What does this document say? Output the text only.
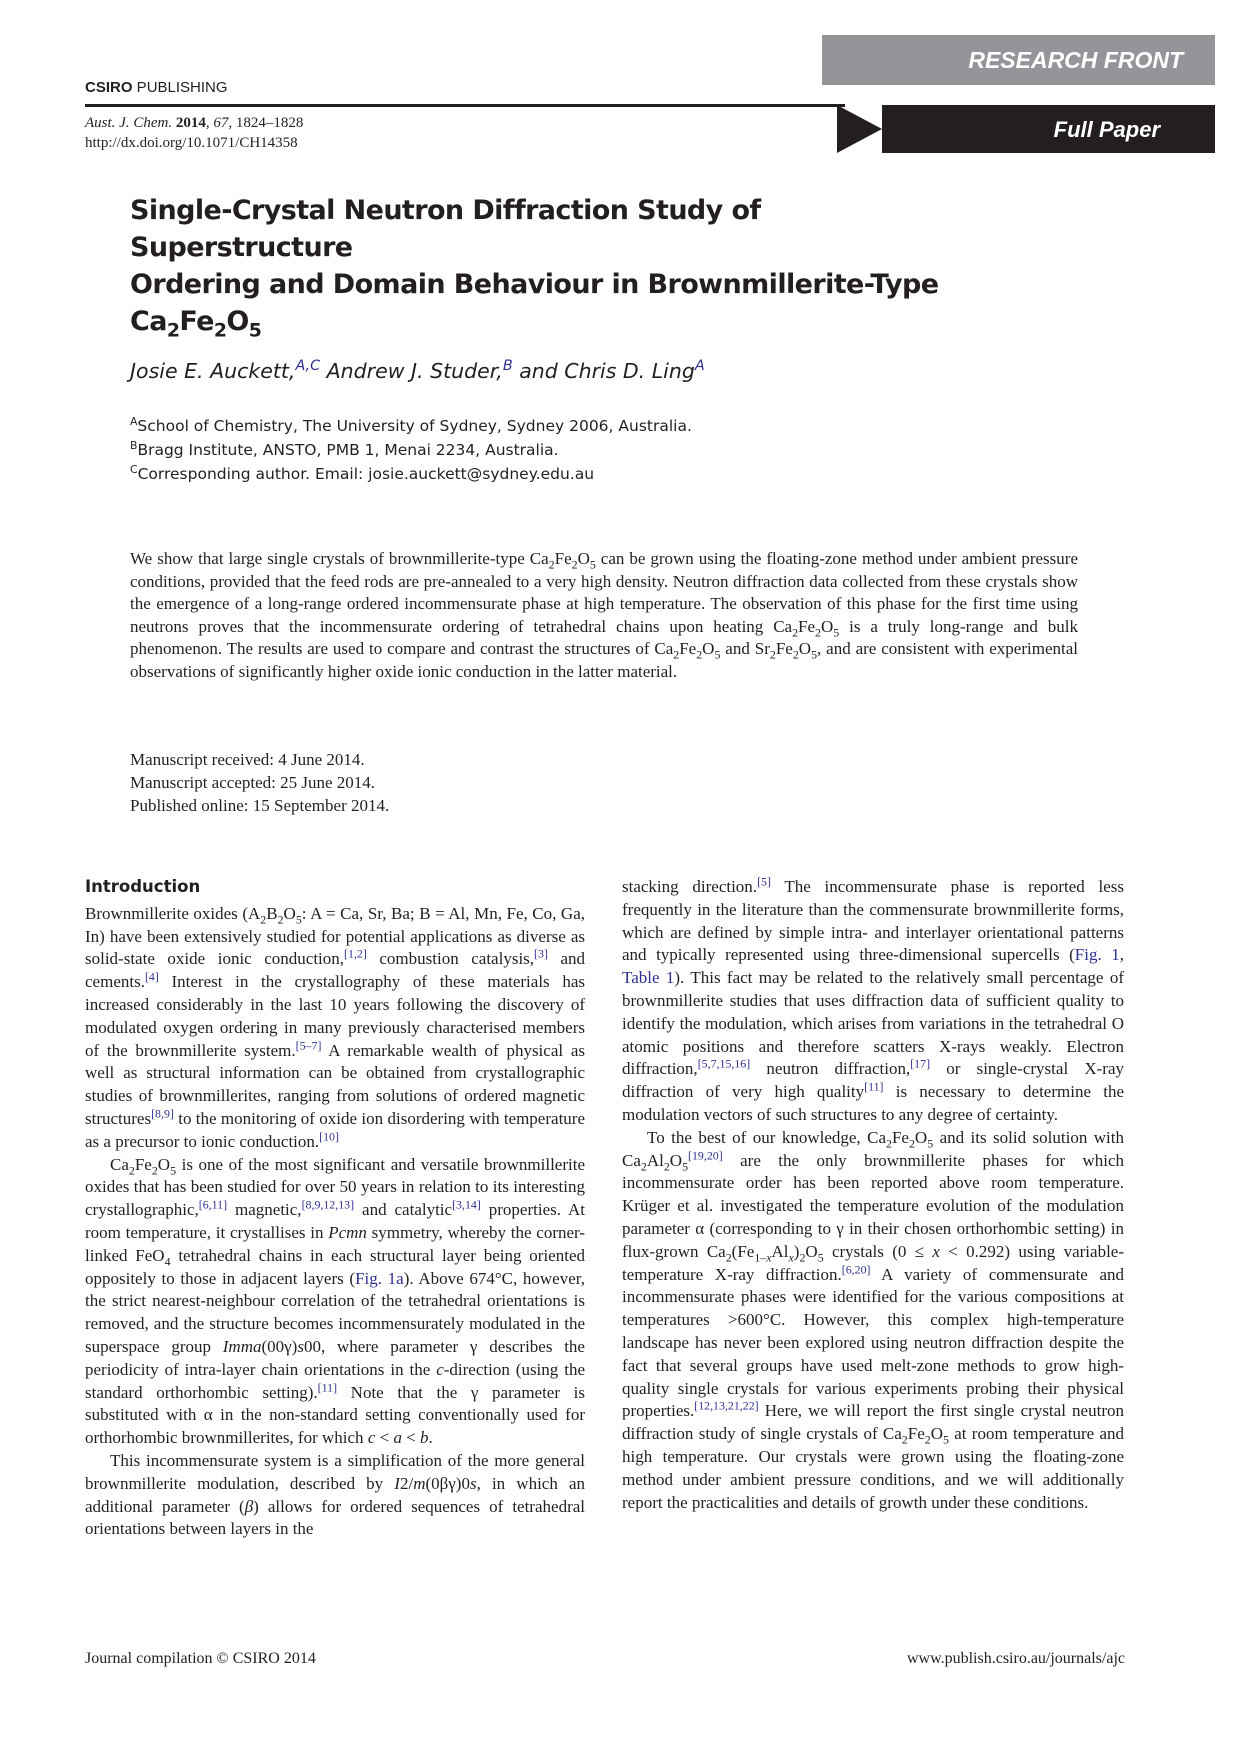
RESEARCH FRONT
Full Paper
CSIRO PUBLISHING
Aust. J. Chem. 2014, 67, 1824–1828
http://dx.doi.org/10.1071/CH14358
Single-Crystal Neutron Diffraction Study of Superstructure
Ordering and Domain Behaviour in Brownmillerite-Type
$Ca_2Fe_2O_5$
Josie E. Auckett,$^{A,C}$ Andrew J. Studer,$^B$ and Chris D. Ling$^A$
$^A$School of Chemistry, The University of Sydney, Sydney 2006, Australia.
$^B$Bragg Institute, ANSTO, PMB 1, Menai 2234, Australia.
$^C$Corresponding author. Email: josie.auckett@sydney.edu.au
We show that large single crystals of brownmillerite-type $Ca_2Fe_2O_5$ can be grown using the floating-zone method under ambient pressure conditions, provided that the feed rods are pre-annealed to a very high density. Neutron diffraction data collected from these crystals show the emergence of a long-range ordered incommensurate phase at high temperature. The observation of this phase for the first time using neutrons proves that the incommensurate ordering of tetrahedral chains upon heating $Ca_2Fe_2O_5$ is a truly long-range and bulk phenomenon. The results are used to compare and contrast the structures of $Ca_2Fe_2O_5$ and $Sr_2Fe_2O_5$, and are consistent with experimental observations of significantly higher oxide ionic conduction in the latter material.
Manuscript received: 4 June 2014.
Manuscript accepted: 25 June 2014.
Published online: 15 September 2014.
Introduction

Brownmillerite oxides ($A_2B_2O_5$: A = Ca, Sr, Ba; B = Al, Mn, Fe, Co, Ga, In) have been extensively studied for potential applications as diverse as solid-state oxide ionic conduction,[1,2] combustion catalysis,[3] and cements.[4] Interest in the crystallography of these materials has increased considerably in the last 10 years following the discovery of modulated oxygen ordering in many previously characterised members of the brownmillerite system.[5–7] A remarkable wealth of physical as well as structural information can be obtained from crystallographic studies of brownmillerites, ranging from solutions of ordered magnetic structures[8,9] to the monitoring of oxide ion disordering with temperature as a precursor to ionic conduction.[10]

$Ca_2Fe_2O_5$ is one of the most significant and versatile brownmillerite oxides that has been studied for over 50 years in relation to its interesting crystallographic,[6,11] magnetic,[8,9,12,13] and catalytic[3,14] properties. At room temperature, it crystallises in Pcmn symmetry, whereby the corner-linked FeO$_4$ tetrahedral chains in each structural layer being oriented oppositely to those in adjacent layers (Fig. 1a). Above 674°C, however, the strict nearest-neighbour correlation of the tetrahedral orientations is removed, and the structure becomes incommensurately modulated in the superspace group Imma(00γ)s00, where parameter γ describes the periodicity of intra-layer chain orientations in the c-direction (using the standard orthorhombic setting).[11] Note that the γ parameter is substituted with α in the non-standard setting conventionally used for orthorhombic brownmillerites, for which c < a < b.

This incommensurate system is a simplification of the more general brownmillerite modulation, described by I2/m(0βγ)0s, in which an additional parameter (β) allows for ordered sequences of tetrahedral orientations between layers in the

stacking direction.[5] The incommensurate phase is reported less frequently in the literature than the commensurate brownmillerite forms, which are defined by simple intra- and interlayer orientational patterns and typically represented using three-dimensional supercells (Fig. 1, Table 1). This fact may be related to the relatively small percentage of brownmillerite studies that uses diffraction data of sufficient quality to identify the modulation, which arises from variations in the tetrahedral O atomic positions and therefore scatters X-rays weakly. Electron diffraction,[5,7,15,16] neutron diffraction,[17] or single-crystal X-ray diffraction of very high quality[11] is necessary to determine the modulation vectors of such structures to any degree of certainty.

To the best of our knowledge, $Ca_2Fe_2O_5$ and its solid solution with $Ca_2Al_2O_5[19,20]$ are the only brownmillerite phases for which incommensurate order has been reported above room temperature. Krüger et al. investigated the temperature evolution of the modulation parameter α (corresponding to γ in their chosen orthorhombic setting) in flux-grown $Ca_2(Fe_{1-x}Al_x)_2O_5$ crystals (0 ≤ x < 0.292) using variable-temperature X-ray diffraction.[6,20] A variety of commensurate and incommensurate phases were identified for the various compositions at temperatures >600°C. However, this complex high-temperature landscape has never been explored using neutron diffraction despite the fact that several groups have used melt-zone methods to grow high-quality single crystals for various experiments probing their physical properties.[12,13,21,22] Here, we will report the first single crystal neutron diffraction study of single crystals of $Ca_2Fe_2O_5$ at room temperature and high temperature. Our crystals were grown using the floating-zone method under ambient pressure conditions, and we will additionally report the practicalities and details of growth under these conditions.

Journal compilation © CSIRO 2014	www.publish.csiro.au/journals/ajc
